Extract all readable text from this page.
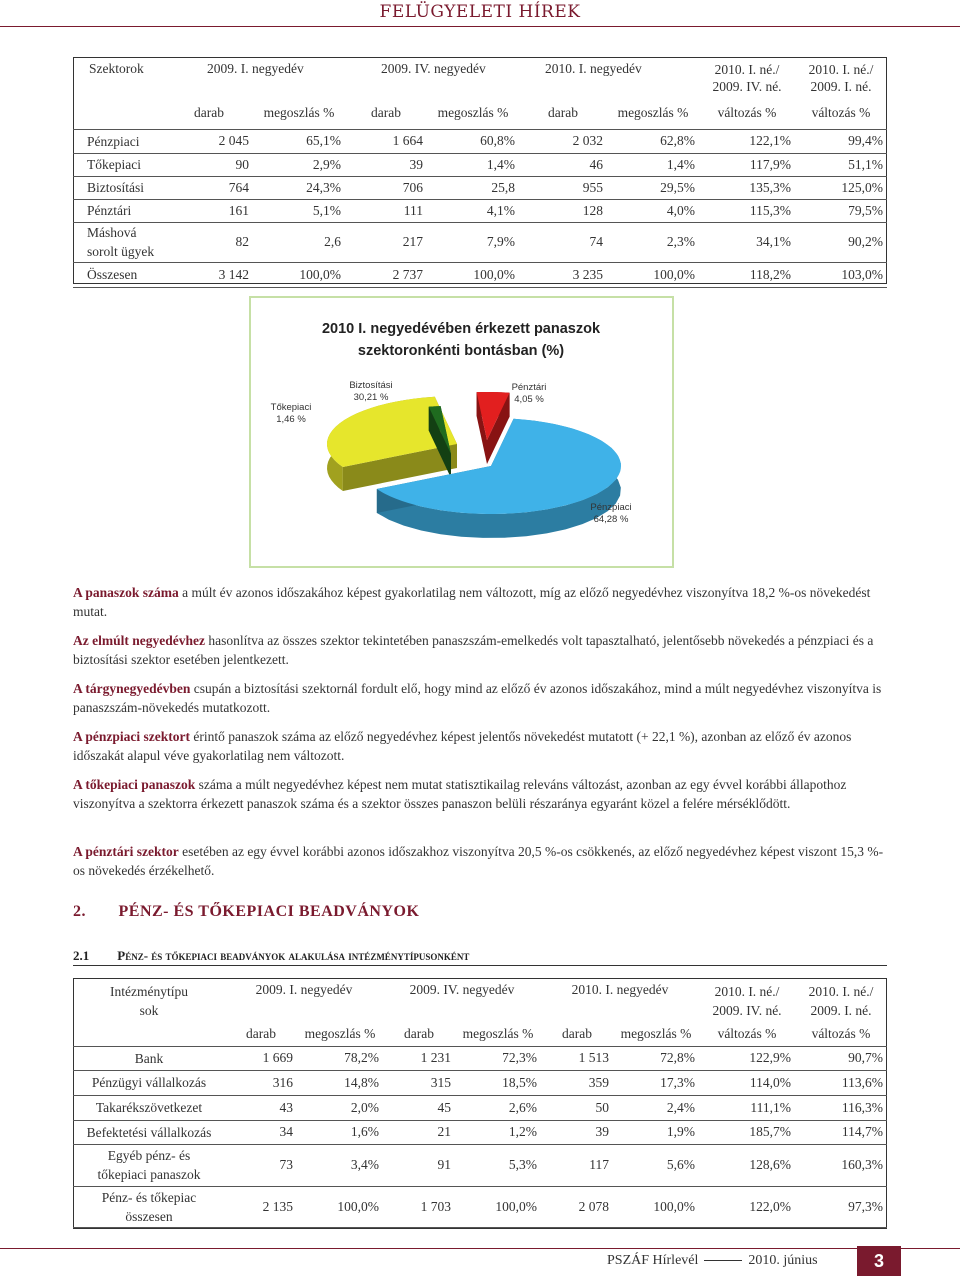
FELÜGYELETI HÍREK
Szektorok	2009. I. negyedév		2009. IV. negyedév		2010. I. negyedév		2010. I. né./ 2009. IV. né.	2010. I. né./ 2009. I. né.
	darab	megoszlás %	darab	megoszlás %	darab	megoszlás %	változás %	változás %
Pénzpiaci	2 045	65,1%	1 664	60,8%	2 032	62,8%	122,1%	99,4%
Tőkepiaci	90	2,9%	39	1,4%	46	1,4%	117,9%	51,1%
Biztosítási	764	24,3%	706	25,8	955	29,5%	135,3%	125,0%
Pénztári	161	5,1%	111	4,1%	128	4,0%	115,3%	79,5%
Máshová sorolt ügyek	82	2,6	217	7,9%	74	2,3%	34,1%	90,2%
Összesen	3 142	100,0%	2 737	100,0%	3 235	100,0%	118,2%	103,0%
2010 I. negyedévében érkezett panaszok
szektoronkénti bontásban (%)
Pénzpiaci
64,28 %
Biztosítási
30,21 %
Tőkepiaci
1,46 %
Pénztári
4,05 %
A panaszok száma a múlt év azonos időszakához képest gyakorlatilag nem változott, míg az előző negyedévhez viszonyítva 18,2 %-os növekedést mutat.
Az elmúlt negyedévhez hasonlítva az összes szektor tekintetében panaszszám-emelkedés volt tapasztalható, jelentősebb növekedés a pénzpiaci és a biztosítási szektor esetében jelentkezett.
A tárgynegyedévben csupán a biztosítási szektornál fordult elő, hogy mind az előző év azonos időszakához, mind a múlt negyedévhez viszonyítva is panaszszám-növekedés mutatkozott.
A pénzpiaci szektort érintő panaszok száma az előző negyedévhez képest jelentős növekedést mutatott (+ 22,1 %), azonban az előző év azonos időszakát alapul véve gyakorlatilag nem változott.
A tőkepiaci panaszok száma a múlt negyedévhez képest nem mutat statisztikailag releváns változást, azonban az egy évvel korábbi állapothoz viszonyítva a szektorra érkezett panaszok száma és a szektor összes panaszon belüli részaránya egyaránt közel a felére mérséklődött.
A pénztári szektor esetében az egy évvel korábbi azonos időszakhoz viszonyítva 20,5 %-os csökkenés, az előző negyedévhez képest viszont 15,3 %-os növekedés érzékelhető.
2. PÉNZ- ÉS TŐKEPIACI BEADVÁNYOK
2.1 Pénz- és tőkepiaci beadványok alakulása intézménytípusonként
Intézménytípusok	2009. I. negyedév		2009. IV. negyedév		2010. I. negyedév		2010. I. né./ 2009. IV. né.	2010. I. né./ 2009. I. né.
	darab	megoszlás %	darab	megoszlás %	darab	megoszlás %	változás %	változás %
Bank	1 669	78,2%	1 231	72,3%	1 513	72,8%	122,9%	90,7%
Pénzügyi vállalkozás	316	14,8%	315	18,5%	359	17,3%	114,0%	113,6%
Takarékszövetkezet	43	2,0%	45	2,6%	50	2,4%	111,1%	116,3%
Befektetési vállalkozás	34	1,6%	21	1,2%	39	1,9%	185,7%	114,7%
Egyéb pénz- és tőkepiaci panaszok	73	3,4%	91	5,3%	117	5,6%	128,6%	160,3%
Pénz- és tőkepiac összesen	2 135	100,0%	1 703	100,0%	2 078	100,0%	122,0%	97,3%
PSZÁF Hírlevél	2010. június	3
